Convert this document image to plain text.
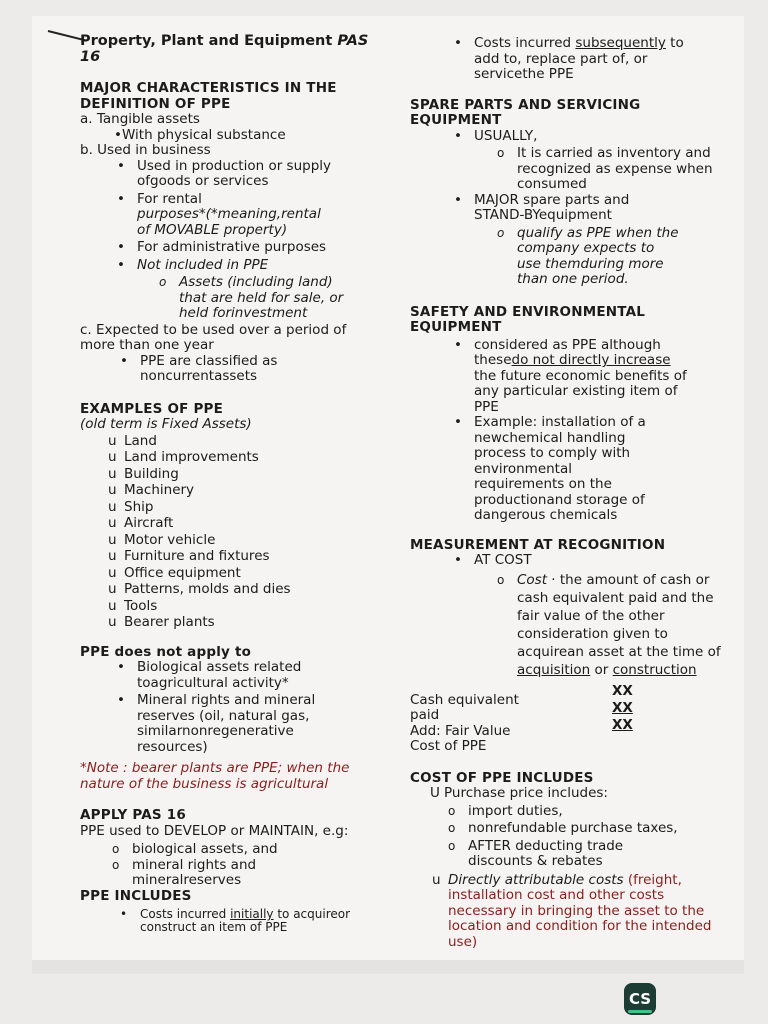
Property, Plant and Equipment PAS 16
MAJOR CHARACTERISTICS IN THE DEFINITION OF PPE
a. Tangible assets
• With physical substance
b. Used in business
• Used in production or supply ofgoods or services
• For rental
purposes*(*meaning,rental of MOVABLE property)
• For administrative purposes
• Not included in PPE
o Assets (including land) that are held for sale, or held forinvestment
c. Expected to be used over a period of more than one year
• PPE are classified as noncurrentassets
EXAMPLES OF PPE
(old term is Fixed Assets)
u Land
u Land improvements
u Building
u Machinery
u Ship
u Aircraft
u Motor vehicle
u Furniture and fixtures
u Office equipment
u Patterns, molds and dies
u Tools
u Bearer plants
PPE does not apply to
• Biological assets related toagricultural activity*
• Mineral rights and mineral reserves (oil, natural gas, similarnonregenerative resources)
*Note : bearer plants are PPE; when the nature of the business is agricultural
APPLY PAS 16
PPE used to DEVELOP or MAINTAIN, e.g:
o biological assets, and
o mineral rights and mineralreserves
PPE INCLUDES
• Costs incurred initially to acquireor construct an item of PPE
• Costs incurred subsequently to add to, replace part of, or servicethe PPE
SPARE PARTS AND SERVICING EQUIPMENT
• USUALLY,
o It is carried as inventory and recognized as expense when consumed
• MAJOR spare parts and STAND-BYequipment
o qualify as PPE when the company expects to use themduring more than one period.
SAFETY AND ENVIRONMENTAL EQUIPMENT
• considered as PPE although thesedo not directly increase the future economic benefits of any particular existing item of PPE
• Example: installation of a newchemical handling process to comply with environmental requirements on the productionand storage of dangerous chemicals
MEASUREMENT AT RECOGNITION
• AT COST
o Cost · the amount of cash or cash equivalent paid and the fair value of the other consideration given to acquirean asset at the time of acquisition or construction
Cash equivalent paid
Add: Fair Value
Cost of PPE
COST OF PPE INCLUDES
U Purchase price includes:
o import duties,
o nonrefundable purchase taxes,
o AFTER deducting trade discounts & rebates
u Directly attributable costs (freight, installation cost and other costs necessary in bringing the asset to the location and condition for the intended use)
XX
XX
XX
CS
